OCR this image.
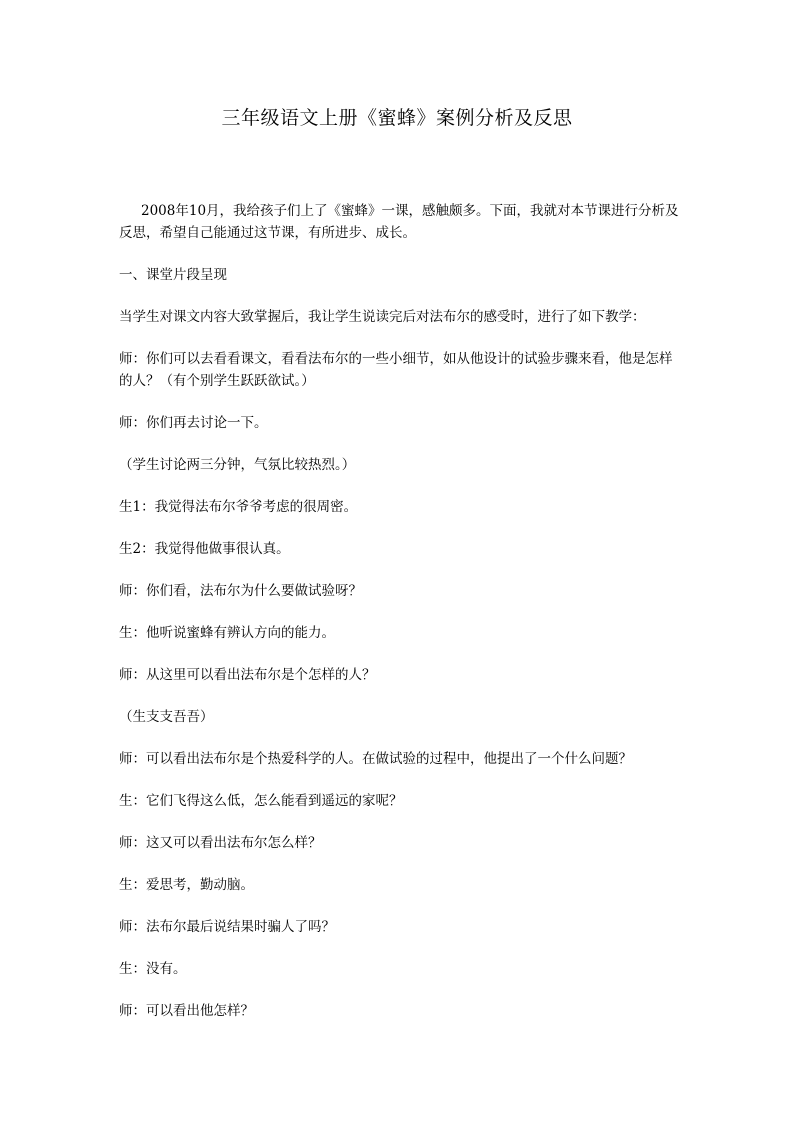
三年级语文上册《蜜蜂》案例分析及反思

2008年10月，我给孩子们上了《蜜蜂》一课，感触颇多。下面，我就对本节课进行分析及反思，希望自己能通过这节课，有所进步、成长。

一、课堂片段呈现

当学生对课文内容大致掌握后，我让学生说读完后对法布尔的感受时，进行了如下教学：

师：你们可以去看看课文，看看法布尔的一些小细节，如从他设计的试验步骤来看，他是怎样的人？（有个别学生跃跃欲试。）

师：你们再去讨论一下。

（学生讨论两三分钟，气氛比较热烈。）

生1：我觉得法布尔爷爷考虑的很周密。

生2：我觉得他做事很认真。

师：你们看，法布尔为什么要做试验呀？

生：他听说蜜蜂有辨认方向的能力。

师：从这里可以看出法布尔是个怎样的人？

（生支支吾吾）

师：可以看出法布尔是个热爱科学的人。在做试验的过程中，他提出了一个什么问题？

生：它们飞得这么低，怎么能看到遥远的家呢？

师：这又可以看出法布尔怎么样？

生：爱思考，勤动脑。

师：法布尔最后说结果时骗人了吗？

生：没有。

师：可以看出他怎样？
